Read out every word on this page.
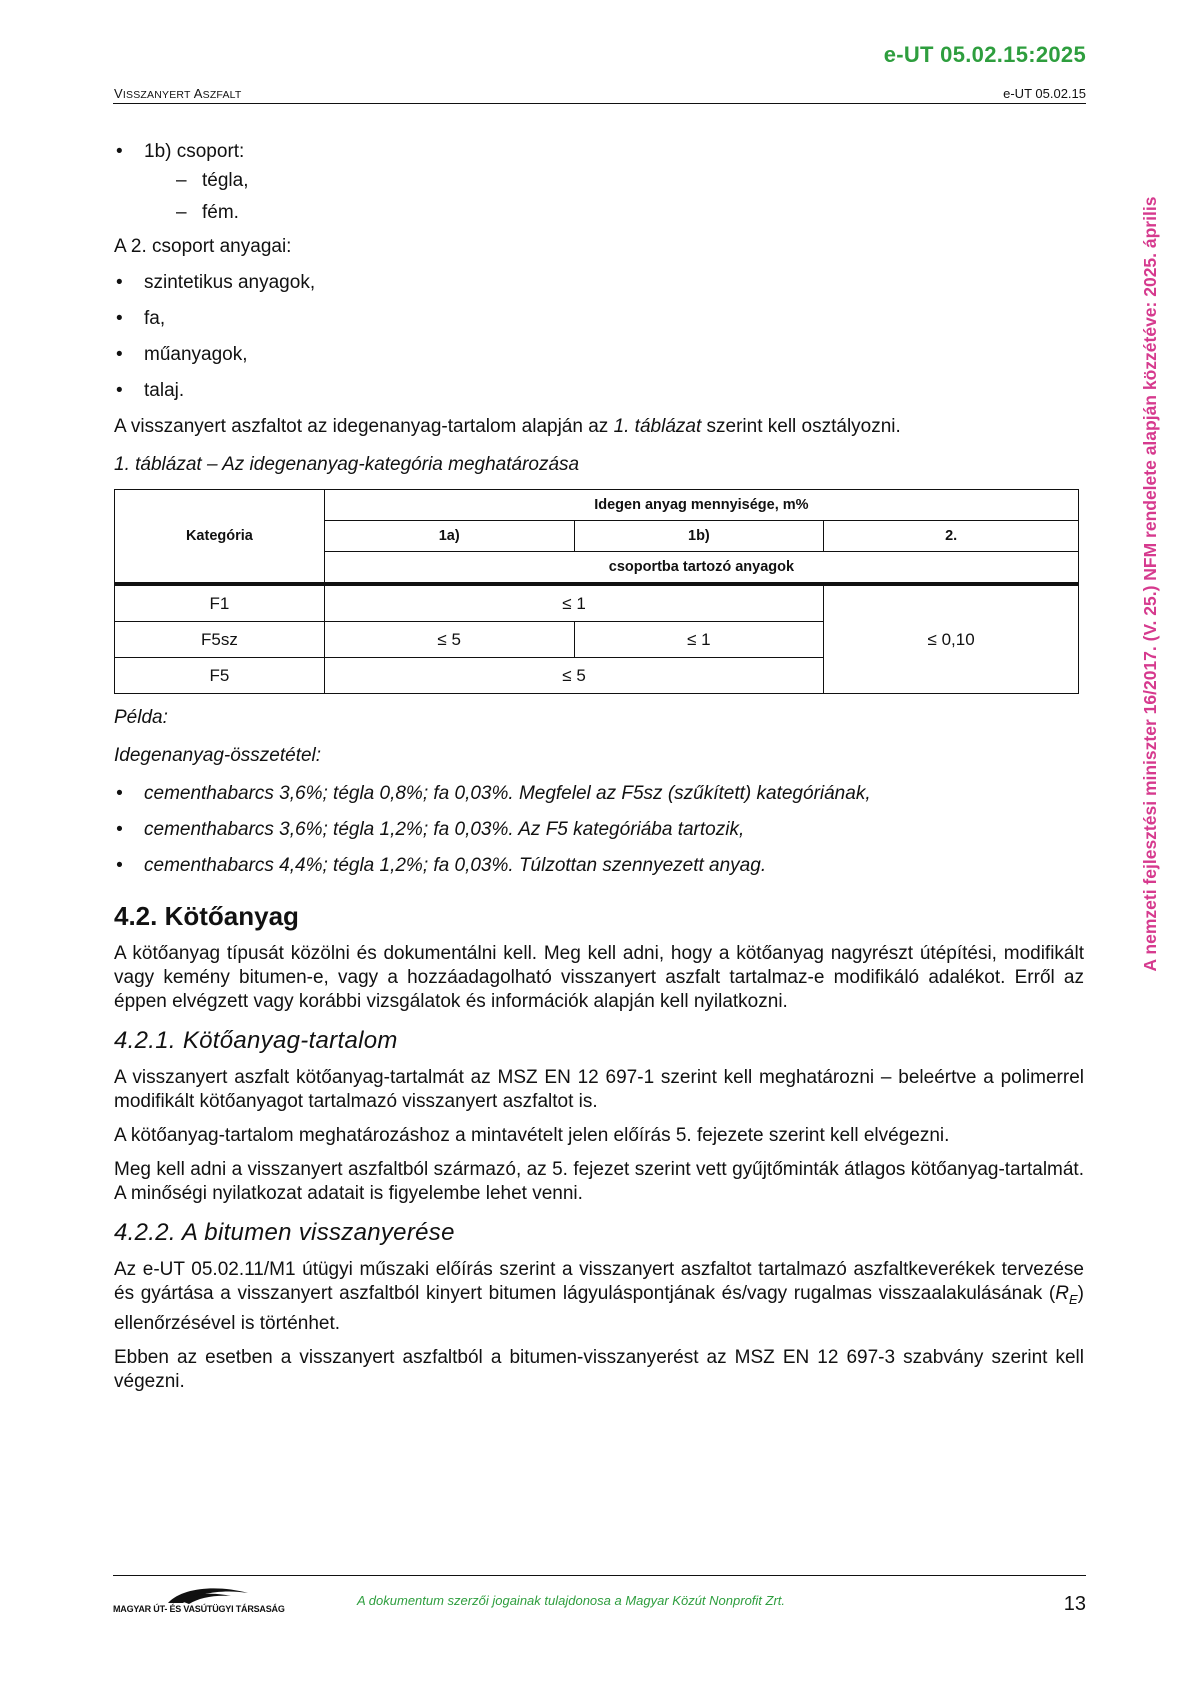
e-UT 05.02.15:2025
VISSZANYERT ASZFALT	e-UT 05.02.15
A nemzeti fejlesztési miniszter 16/2017. (V. 25.) NFM rendelete alapján közzétéve: 2025. április
• 1b) csoport:
– tégla,
– fém.

A 2. csoport anyagai:

• szintetikus anyagok,
• fa,
• műanyagok,
• talaj.

A visszanyert aszfaltot az idegenanyag-tartalom alapján az 1. táblázat szerint kell osztályozni.

1. táblázat – Az idegenanyag-kategória meghatározása

Kategória	Idegen anyag mennyisége, m%		
	1a)	1b)	2.
	csoportba tartozó anyagok		
F1	≤ 1		≤ 0,10
F5sz	≤ 5	≤ 1	
F5	≤ 5		

Példa:

Idegenanyag-összetétel:

• cementhabarcs 3,6%; tégla 0,8%; fa 0,03%. Megfelel az F5sz (szűkített) kategóriának,
• cementhabarcs 3,6%; tégla 1,2%; fa 0,03%. Az F5 kategóriába tartozik,
• cementhabarcs 4,4%; tégla 1,2%; fa 0,03%. Túlzottan szennyezett anyag.
4.2. Kötőanyag

A kötőanyag típusát közölni és dokumentálni kell. Meg kell adni, hogy a kötőanyag nagyrészt útépítési, modifikált vagy kemény bitumen-e, vagy a hozzáadagolható visszanyert aszfalt tartalmaz-e modifikáló adalékot. Erről az éppen elvégzett vagy korábbi vizsgálatok és információk alapján kell nyilatkozni.

4.2.1. Kötőanyag-tartalom

A visszanyert aszfalt kötőanyag-tartalmát az MSZ EN 12 697-1 szerint kell meghatározni – beleértve a polimerrel modifikált kötőanyagot tartalmazó visszanyert aszfaltot is.

A kötőanyag-tartalom meghatározáshoz a mintavételt jelen előírás 5. fejezete szerint kell elvégezni.

Meg kell adni a visszanyert aszfaltból származó, az 5. fejezet szerint vett gyűjtőminták átlagos kötőanyag-tartalmát. A minőségi nyilatkozat adatait is figyelembe lehet venni.

4.2.2. A bitumen visszanyerése

Az e-UT 05.02.11/M1 útügyi műszaki előírás szerint a visszanyert aszfaltot tartalmazó aszfaltkeverékek tervezése és gyártása a visszanyert aszfaltból kinyert bitumen lágyuláspontjának és/vagy rugalmas visszaalakulásának $(R_E)$ ellenőrzésével is történhet.

Ebben az esetben a visszanyert aszfaltból a bitumen-visszanyerést az MSZ EN 12 697-3 szabvány szerint kell végezni.

MAGYAR ÚT- ÉS VASÚTÜGYI TÁRSASÁG
A dokumentum szerzői jogainak tulajdonosa a Magyar Közút Nonprofit Zrt.	13
